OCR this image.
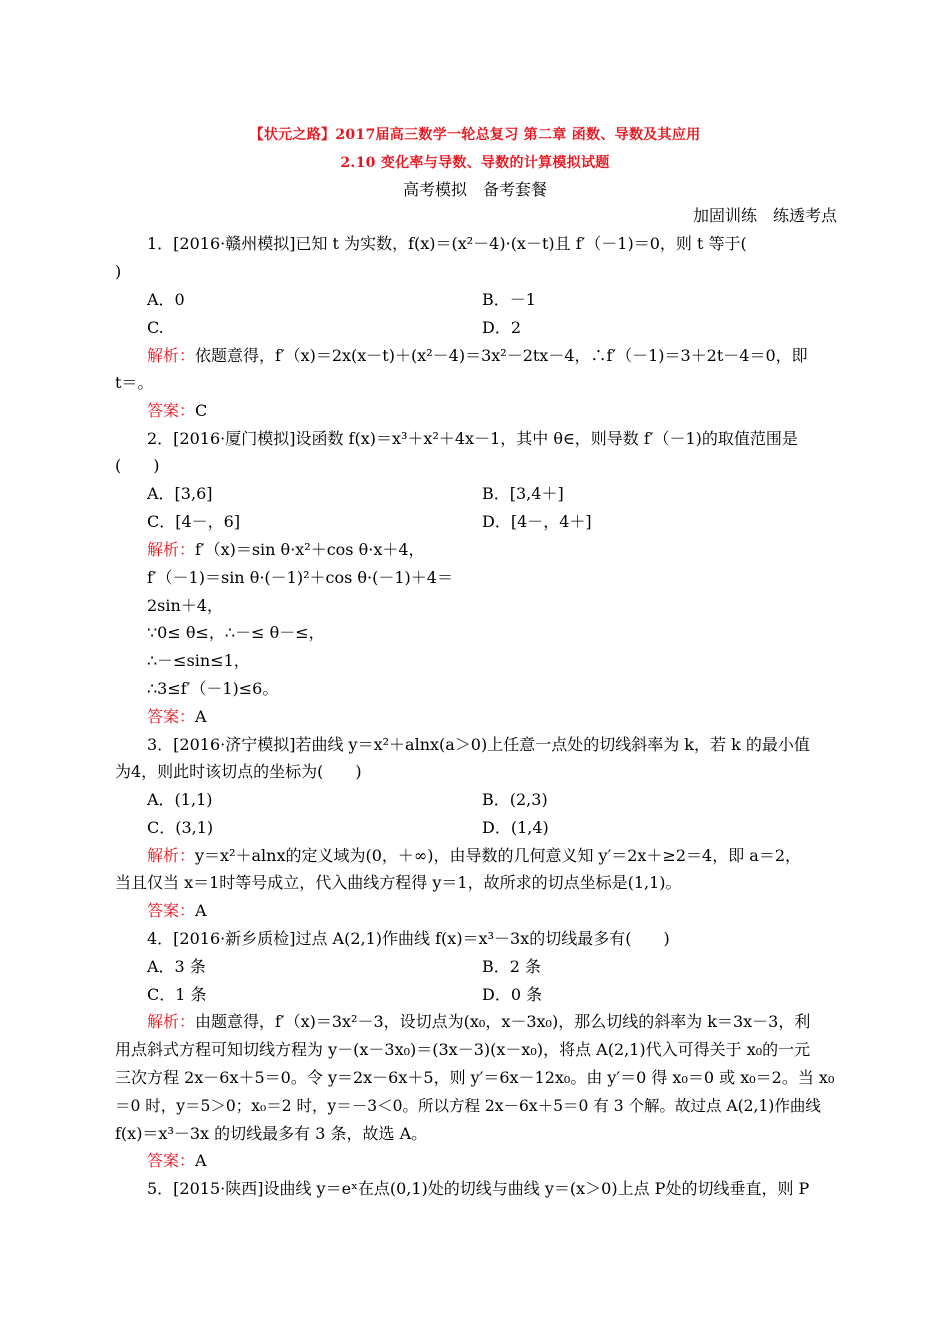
【状元之路】2017届高三数学一轮总复习 第二章 函数、导数及其应用
2.10 变化率与导数、导数的计算模拟试题
高考模拟　备考套餐
加固训练　练透考点
1．[2016·赣州模拟]已知 t 为实数，f(x)＝(x²－4)·(x－t)且 f′（－1)＝0，则 t 等于(
)
A．0	B．－1
C.	D．2
解析：依题意得，f′（x)＝2x(x－t)＋(x²－4)＝3x²－2tx－4，∴f′（－1)＝3＋2t－4＝0，即
t＝。
答案：C
2．[2016·厦门模拟]设函数 f(x)＝x³＋x²＋4x－1，其中 θ∈，则导数 f′（－1)的取值范围是
(　　)
A．[3,6]	B．[3,4＋]
C．[4－，6]	D．[4－，4＋]
解析：f′（x)＝sin θ·x²＋cos θ·x＋4，
f′（－1)＝sin θ·(－1)²＋cos θ·(－1)＋4＝
2sin＋4，
∵0≤ θ≤，∴－≤ θ－≤，
∴－≤sin≤1，
∴3≤f′（－1)≤6。
答案：A
3．[2016·济宁模拟]若曲线 y＝x²＋alnx(a＞0)上任意一点处的切线斜率为 k，若 k 的最小值
为4，则此时该切点的坐标为(　　)
A．(1,1)	B．(2,3)
C．(3,1)	D．(1,4)
解析：y＝x²＋alnx的定义域为(0，＋∞)，由导数的几何意义知 y′＝2x＋≥2＝4，即 a＝2，
当且仅当 x＝1时等号成立，代入曲线方程得 y＝1，故所求的切点坐标是(1,1)。
答案：A
4．[2016·新乡质检]过点 A(2,1)作曲线 f(x)＝x³－3x的切线最多有(　　)
A．3 条	B．2 条
C．1 条	D．0 条
解析：由题意得，f′（x)＝3x²－3，设切点为(x₀，x－3x₀)，那么切线的斜率为 k＝3x－3，利
用点斜式方程可知切线方程为 y－(x－3x₀)＝(3x－3)(x－x₀)，将点 A(2,1)代入可得关于 x₀的一元
三次方程 2x－6x＋5＝0。令 y＝2x－6x＋5，则 y′＝6x－12x₀。由 y′＝0 得 x₀＝0 或 x₀＝2。当 x₀
＝0 时，y＝5＞0；x₀＝2 时，y＝－3＜0。所以方程 2x－6x＋5＝0 有 3 个解。故过点 A(2,1)作曲线
f(x)＝x³－3x 的切线最多有 3 条，故选 A。
答案：A
5．[2015·陕西]设曲线 y＝eˣ在点(0,1)处的切线与曲线 y＝(x＞0)上点 P处的切线垂直，则 P
